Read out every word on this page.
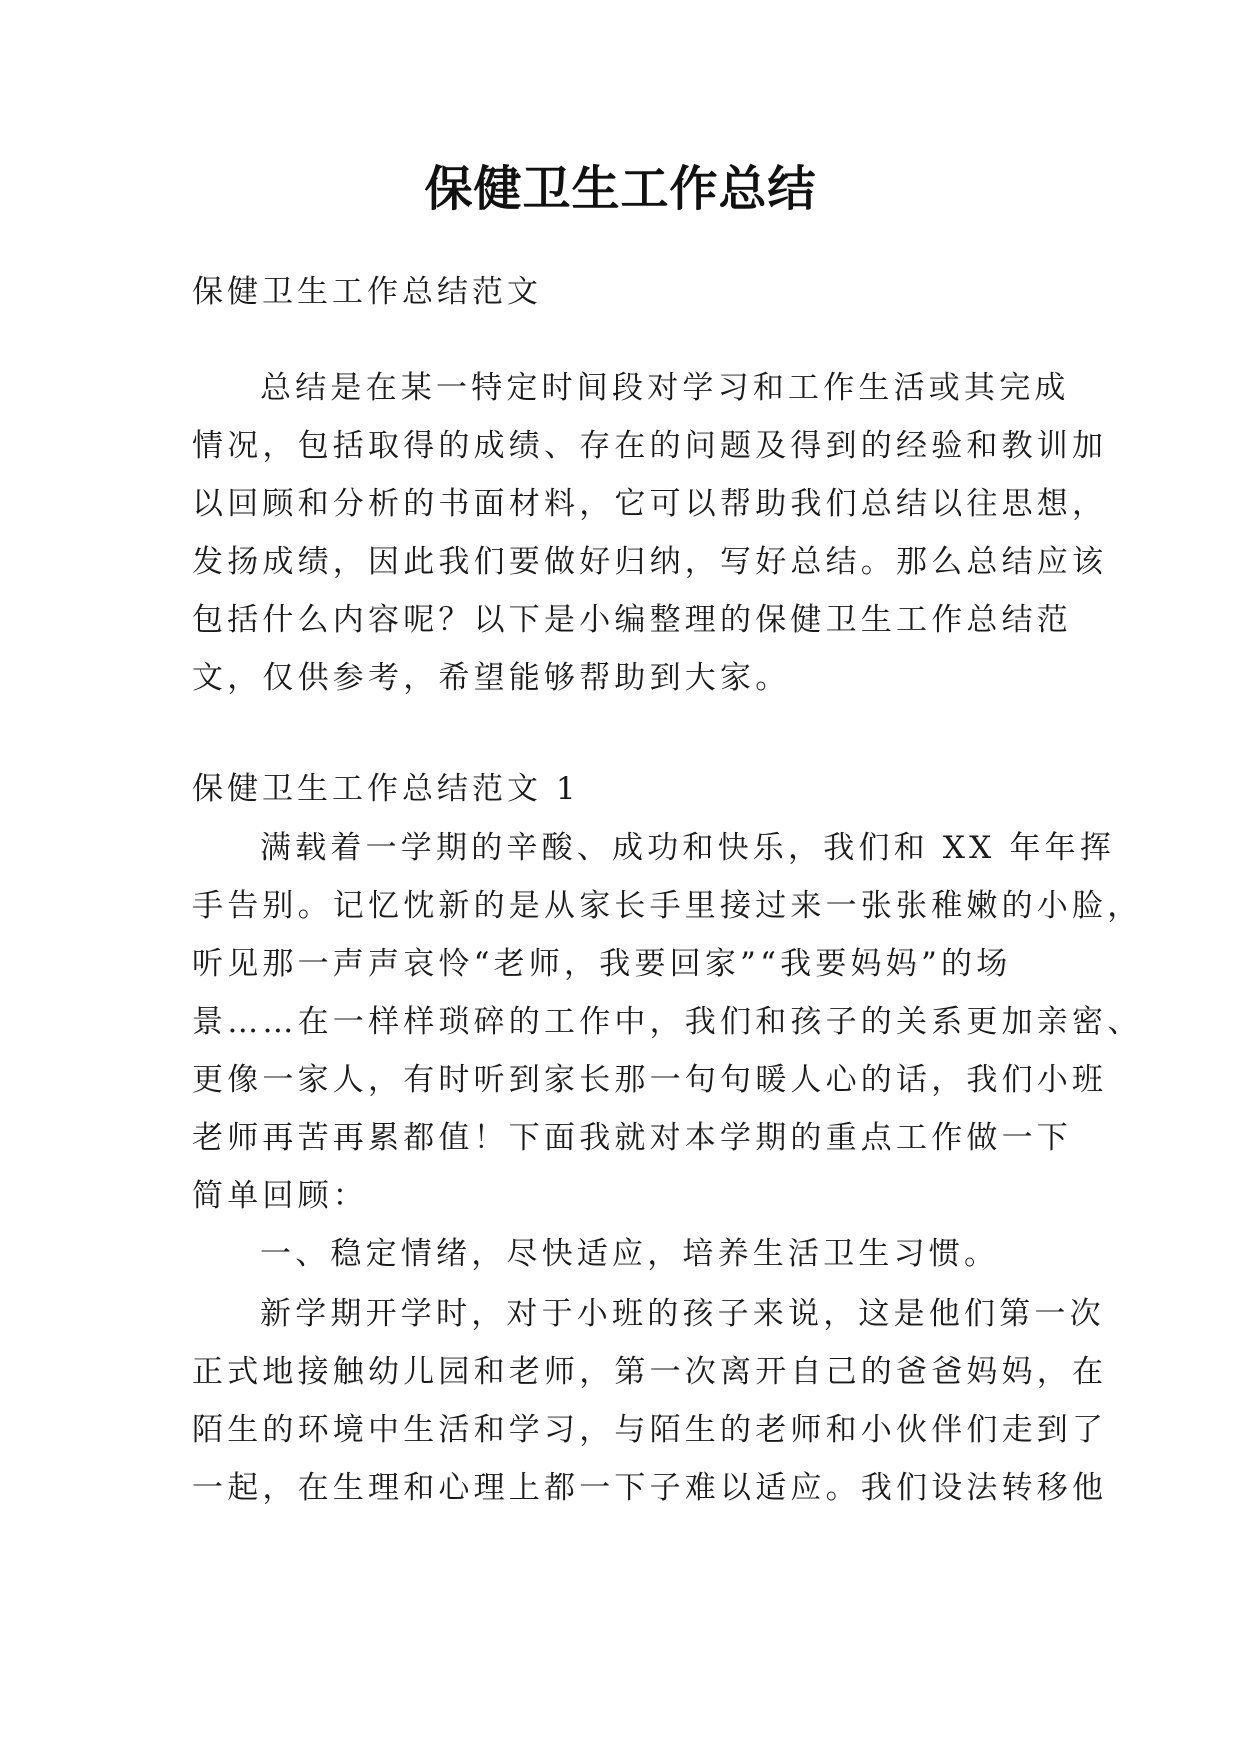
保健卫生工作总结
保健卫生工作总结范文

总结是在某一特定时间段对学习和工作生活或其完成

情况，包括取得的成绩、存在的问题及得到的经验和教训加

以回顾和分析的书面材料，它可以帮助我们总结以往思想，

发扬成绩，因此我们要做好归纳，写好总结。那么总结应该

包括什么内容呢？以下是小编整理的保健卫生工作总结范

文，仅供参考，希望能够帮助到大家。

保健卫生工作总结范文 1

满载着一学期的辛酸、成功和快乐，我们和 XX 年年挥

手告别。记忆忱新的是从家长手里接过来一张张稚嫩的小脸，

听见那一声声哀怜“老师，我要回家”“我要妈妈”的场

景……在一样样琐碎的工作中，我们和孩子的关系更加亲密、

更像一家人，有时听到家长那一句句暖人心的话，我们小班

老师再苦再累都值！下面我就对本学期的重点工作做一下

简单回顾：

一、稳定情绪，尽快适应，培养生活卫生习惯。

新学期开学时，对于小班的孩子来说，这是他们第一次

正式地接触幼儿园和老师，第一次离开自己的爸爸妈妈，在

陌生的环境中生活和学习，与陌生的老师和小伙伴们走到了

一起，在生理和心理上都一下子难以适应。我们设法转移他
